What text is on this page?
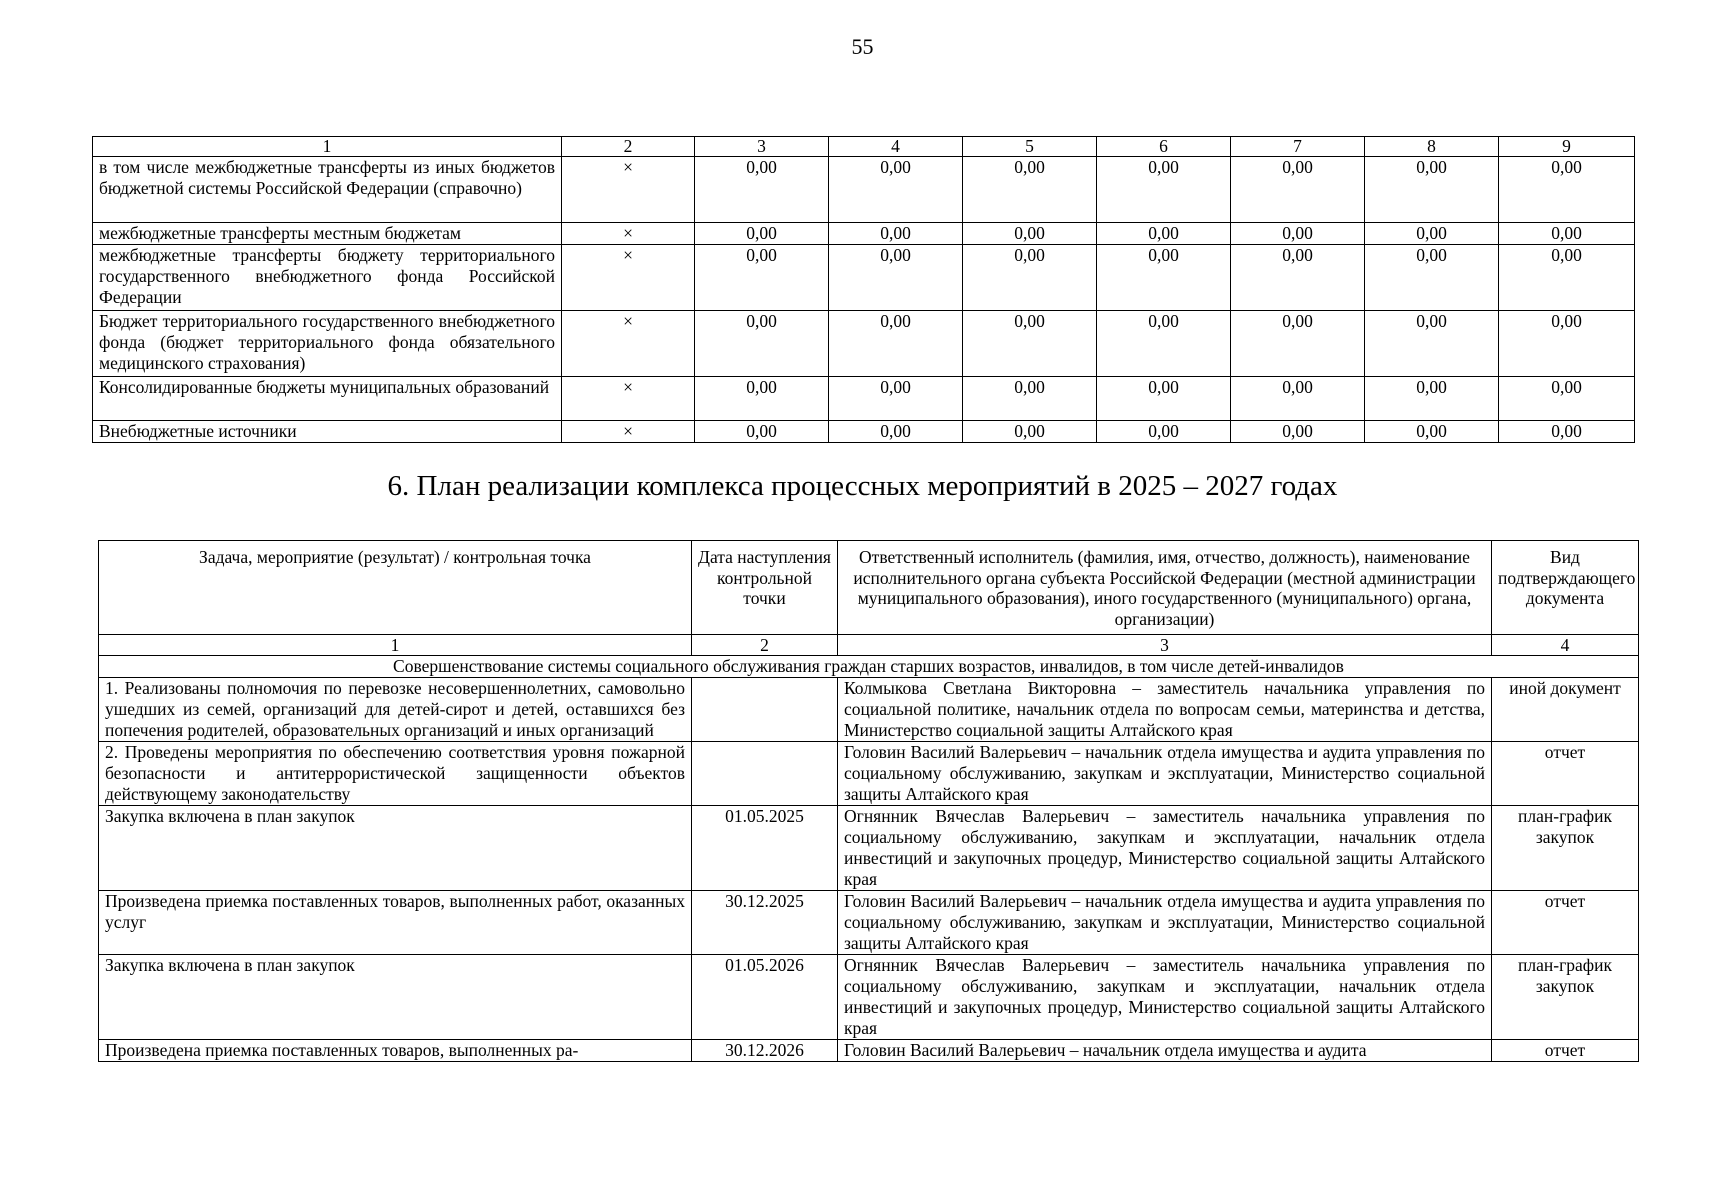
55
1	2	3	4	5	6	7	8	9
в том числе межбюджетные трансферты из иных бюджетов бюджетной системы Российской Федерации (справочно)	×	0,00	0,00	0,00	0,00	0,00	0,00	0,00
межбюджетные трансферты местным бюджетам	×	0,00	0,00	0,00	0,00	0,00	0,00	0,00
межбюджетные трансферты бюджету территориального государственного внебюджетного фонда Российской Федерации	×	0,00	0,00	0,00	0,00	0,00	0,00	0,00
Бюджет территориального государственного внебюджетного фонда (бюджет территориального фонда обязательного медицинского страхования)	×	0,00	0,00	0,00	0,00	0,00	0,00	0,00
Консолидированные бюджеты муниципальных образований	×	0,00	0,00	0,00	0,00	0,00	0,00	0,00
Внебюджетные источники	×	0,00	0,00	0,00	0,00	0,00	0,00	0,00
6. План реализации комплекса процессных мероприятий в 2025 – 2027 годах
Задача, мероприятие (результат) / контрольная точка	Дата наступления контрольной точки	Ответственный исполнитель (фамилия, имя, отчество, должность), наименование исполнительного органа субъекта Российской Федерации (местной администрации муниципального образования), иного государственного (муниципального) органа, организации)	Вид подтверждающего документа
1	2	3	4
Совершенствование системы социального обслуживания граждан старших возрастов, инвалидов, в том числе детей-инвалидов			
1. Реализованы полномочия по перевозке несовершеннолетних, самовольно ушедших из семей, организаций для детей-сирот и детей, оставшихся без попечения родителей, образовательных организаций и иных организаций		Колмыкова Светлана Викторовна – заместитель начальника управления по социальной политике, начальник отдела по вопросам семьи, материнства и детства, Министерство социальной защиты Алтайского края	иной документ
2. Проведены мероприятия по обеспечению соответствия уровня пожарной безопасности и антитеррористической защищенности объектов действующему законодательству		Головин Василий Валерьевич – начальник отдела имущества и аудита управления по социальному обслуживанию, закупкам и эксплуатации, Министерство социальной защиты Алтайского края	отчет
Закупка включена в план закупок	01.05.2025	Огнянник Вячеслав Валерьевич – заместитель начальника управления по социальному обслуживанию, закупкам и эксплуатации, начальник отдела инвестиций и закупочных процедур, Министерство социальной защиты Алтайского края	план-график закупок
Произведена приемка поставленных товаров, выполненных работ, оказанных услуг	30.12.2025	Головин Василий Валерьевич – начальник отдела имущества и аудита управления по социальному обслуживанию, закупкам и эксплуатации, Министерство социальной защиты Алтайского края	отчет
Закупка включена в план закупок	01.05.2026	Огнянник Вячеслав Валерьевич – заместитель начальника управления по социальному обслуживанию, закупкам и эксплуатации, начальник отдела инвестиций и закупочных процедур, Министерство социальной защиты Алтайского края	план-график закупок
Произведена приемка поставленных товаров, выполненных ра-	30.12.2026	Головин Василий Валерьевич – начальник отдела имущества и аудита	отчет
